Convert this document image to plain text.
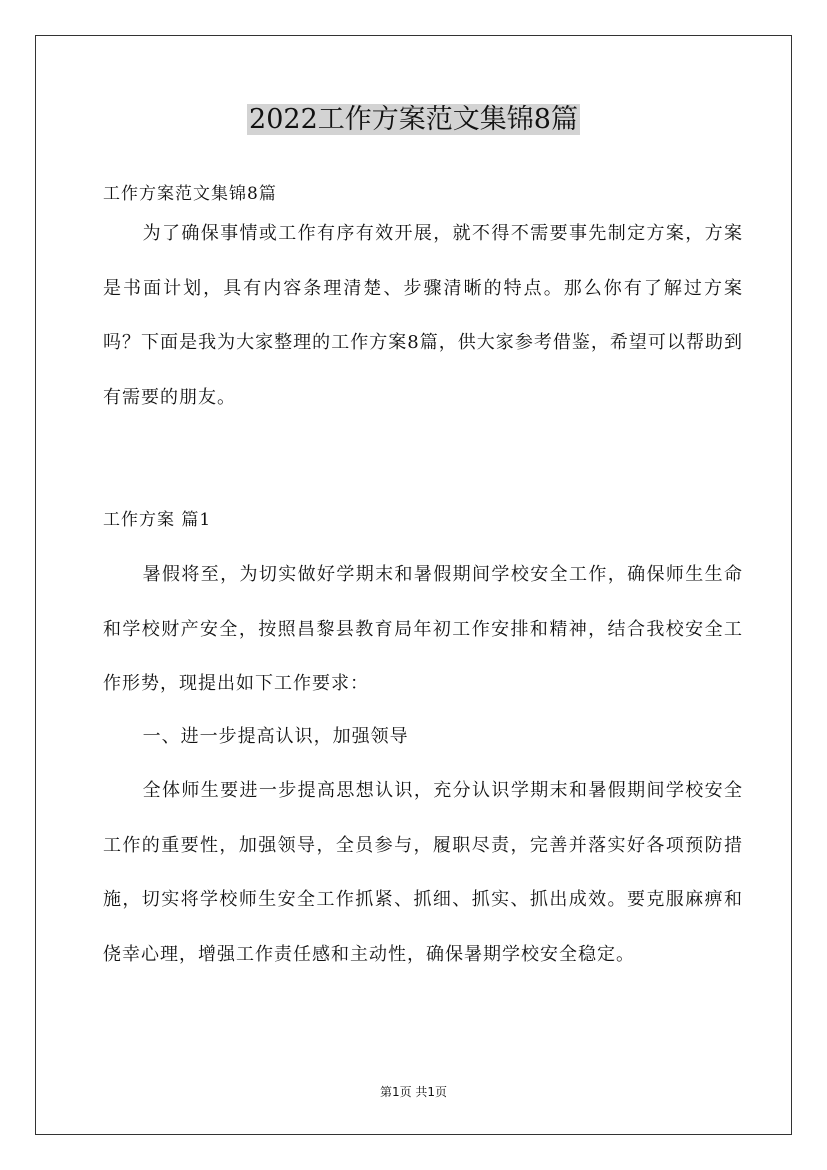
2022工作方案范文集锦8篇
工作方案范文集锦8篇

为了确保事情或工作有序有效开展，就不得不需要事先制定方案，方案是书面计划，具有内容条理清楚、步骤清晰的特点。那么你有了解过方案吗？下面是我为大家整理的工作方案8篇，供大家参考借鉴，希望可以帮助到有需要的朋友。

工作方案 篇1

暑假将至，为切实做好学期末和暑假期间学校安全工作，确保师生生命和学校财产安全，按照昌黎县教育局年初工作安排和精神，结合我校安全工作形势，现提出如下工作要求：

一、进一步提高认识，加强领导

全体师生要进一步提高思想认识，充分认识学期末和暑假期间学校安全工作的重要性，加强领导，全员参与，履职尽责，完善并落实好各项预防措施，切实将学校师生安全工作抓紧、抓细、抓实、抓出成效。要克服麻痹和侥幸心理，增强工作责任感和主动性，确保暑期学校安全稳定。

第1页 共1页
